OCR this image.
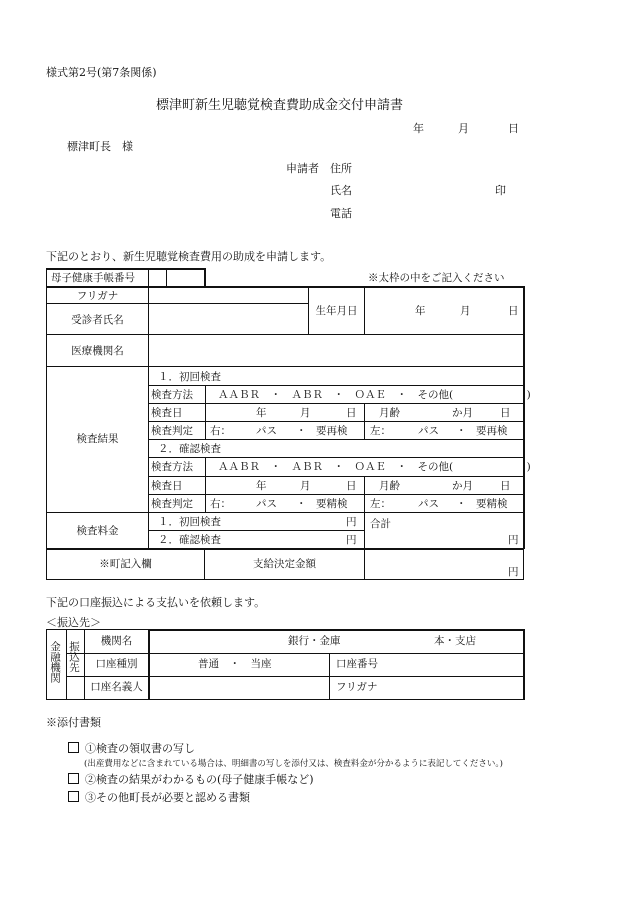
様式第2号(第7条関係)
標津町新生児聴覚検査費助成金交付申請書
年	月	日
標津町長　様
申請者 住所
氏名	印
電話
下記のとおり、新生児聴覚検査費用の助成を申請します。
母子健康手帳番号	※太枠の中をご記入ください
フリガナ
受診者氏名
生年月日	年	月	日
医療機関名
検査結果
１．初回検査
検査方法 ＡＡＢＲ　・　ＡＢＲ　・　ＯＡＥ　・　その他(　　　　　　　)
検査日	年	月	日 月齢	か月	日
検査判定 右： パス ・ 要再検 左：	パス ・ 要再検
２．確認検査
検査方法 ＡＡＢＲ　・　ＡＢＲ　・　ＯＡＥ　・　その他(　　　　　　　)
検査日	年	月	日 月齢	か月	日
検査判定 右： パス ・ 要精検 左：	パス ・ 要精検
検査料金
１．初回検査	円
２．確認検査	円
合計
円
※町記入欄	支給決定金額
円
下記の口座振込による支払いを依頼します。
＜振込先＞
金融機関 振込先	機関名	銀行・金庫	本・支店
口座種別	普通　・　当座	口座番号
口座名義人	フリガナ
※添付書類
①検査の領収書の写し
(出産費用などに含まれている場合は、明細書の写しを添付又は、検査料金が分かるように表記してください。)
②検査の結果がわかるもの(母子健康手帳など)
③その他町長が必要と認める書類
